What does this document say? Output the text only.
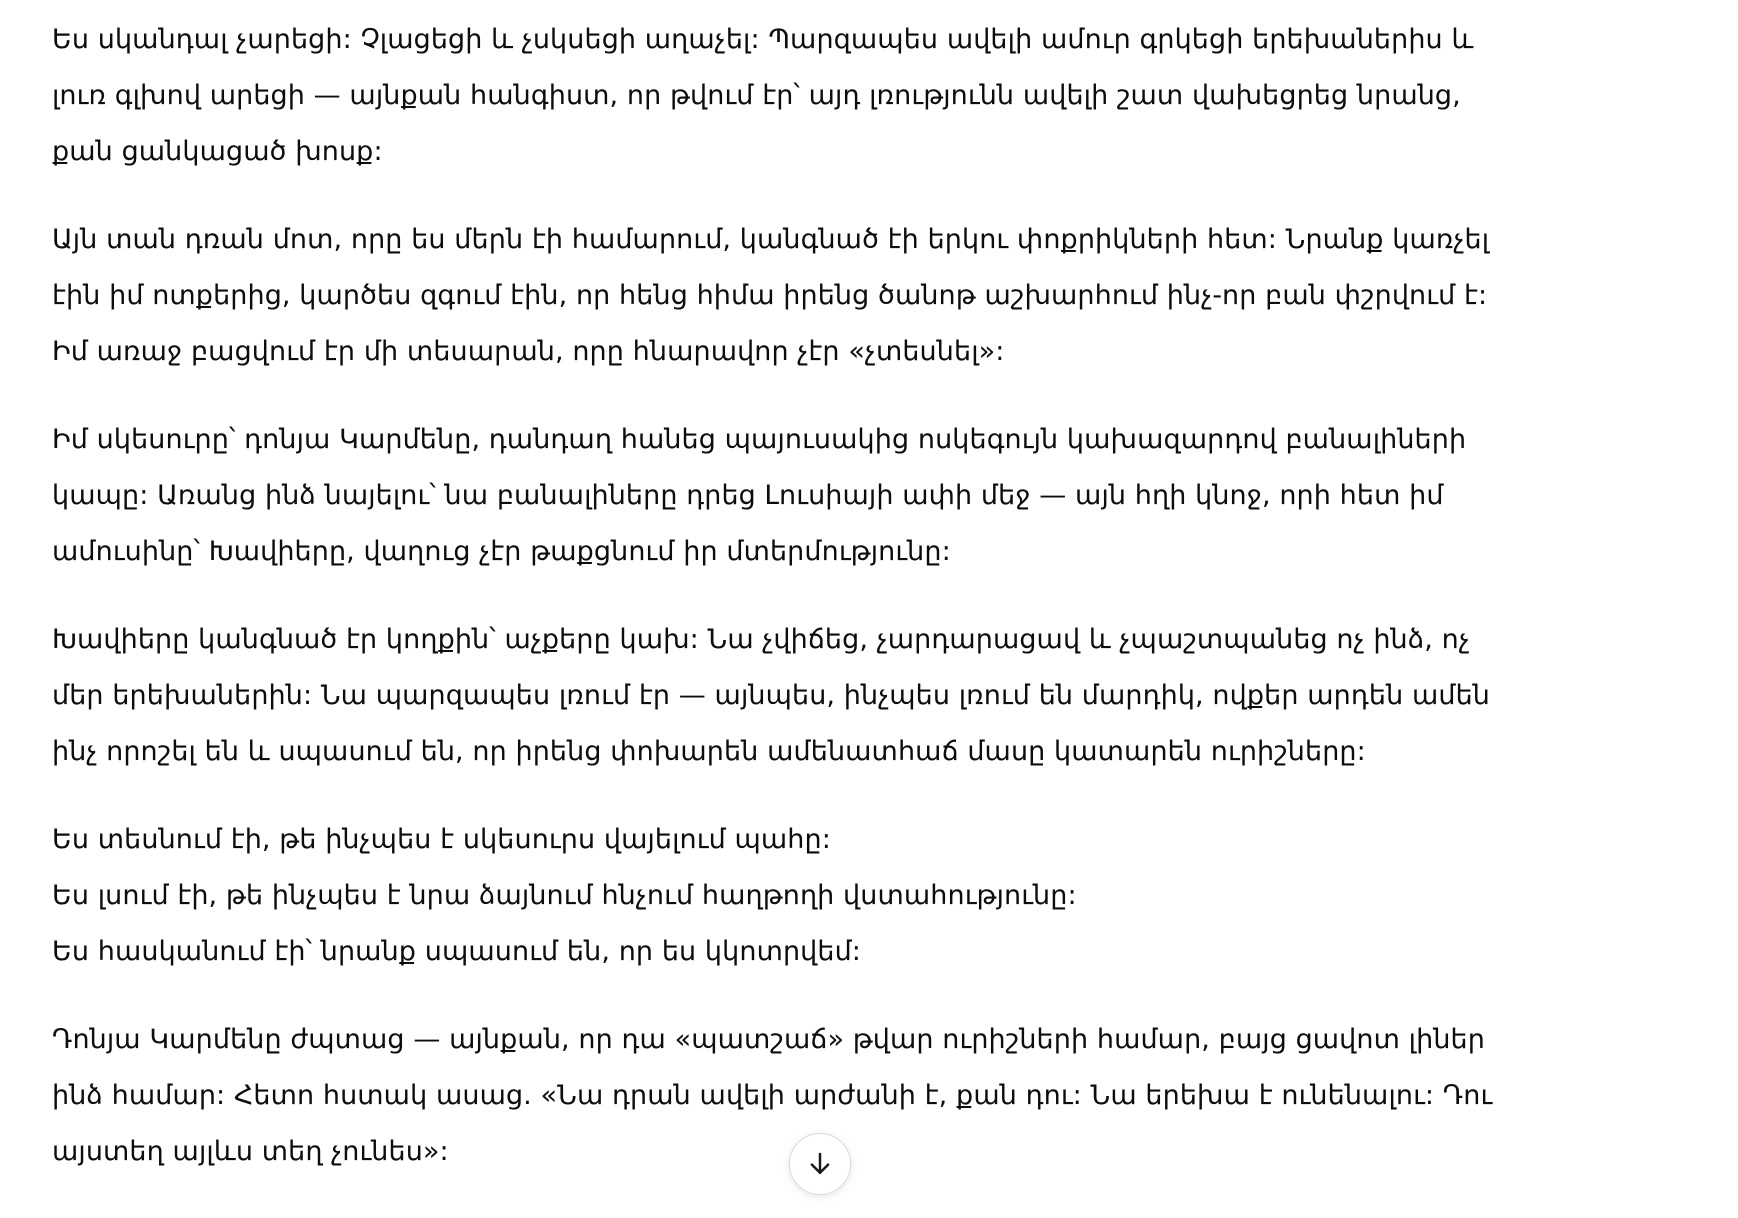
Ես սկանդալ չարեցի: Չլացեցի և չսկսեցի աղաչել: Պարզապես ավելի ամուր գրկեցի երեխաներիս և
լուռ գլխով արեցի — այնքան հանգիստ, որ թվում էր՝ այդ լռությունն ավելի շատ վախեցրեց նրանց,
քան ցանկացած խոսք:

Այն տան դռան մոտ, որը ես մերն էի համարում, կանգնած էի երկու փոքրիկների հետ: Նրանք կառչել
էին իմ ոտքերից, կարծես զգում էին, որ հենց հիմա իրենց ծանոթ աշխարհում ինչ-որ բան փշրվում է:
Իմ առաջ բացվում էր մի տեսարան, որը հնարավոր չէր «չտեսնել»:

Իմ սկեսուրը՝ դոնյա Կարմենը, դանդաղ հանեց պայուսակից ոսկեգույն կախազարդով բանալիների
կապը: Առանց ինձ նայելու՝ նա բանալիները դրեց Լուսիայի ափի մեջ — այն հղի կնոջ, որի հետ իմ
ամուսինը՝ Խավիերը, վաղուց չէր թաքցնում իր մտերմությունը:

Խավիերը կանգնած էր կողքին՝ աչքերը կախ: Նա չվիճեց, չարդարացավ և չպաշտպանեց ոչ ինձ, ոչ
մեր երեխաներին: Նա պարզապես լռում էր — այնպես, ինչպես լռում են մարդիկ, ովքեր արդեն ամեն
ինչ որոշել են և սպասում են, որ իրենց փոխարեն ամենատհաճ մասը կատարեն ուրիշները:

Ես տեսնում էի, թե ինչպես է սկեսուրս վայելում պահը:
Ես լսում էի, թե ինչպես է նրա ձայնում հնչում հաղթողի վստահությունը:
Ես հասկանում էի՝ նրանք սպասում են, որ ես կկոտրվեմ:

Դոնյա Կարմենը ժպտաց — այնքան, որ դա «պատշաճ» թվար ուրիշների համար, բայց ցավոտ լիներ
ինձ համար: Հետո հստակ ասաց. «Նա դրան ավելի արժանի է, քան դու: Նա երեխա է ունենալու: Դու
այստեղ այլևս տեղ չունես»:
